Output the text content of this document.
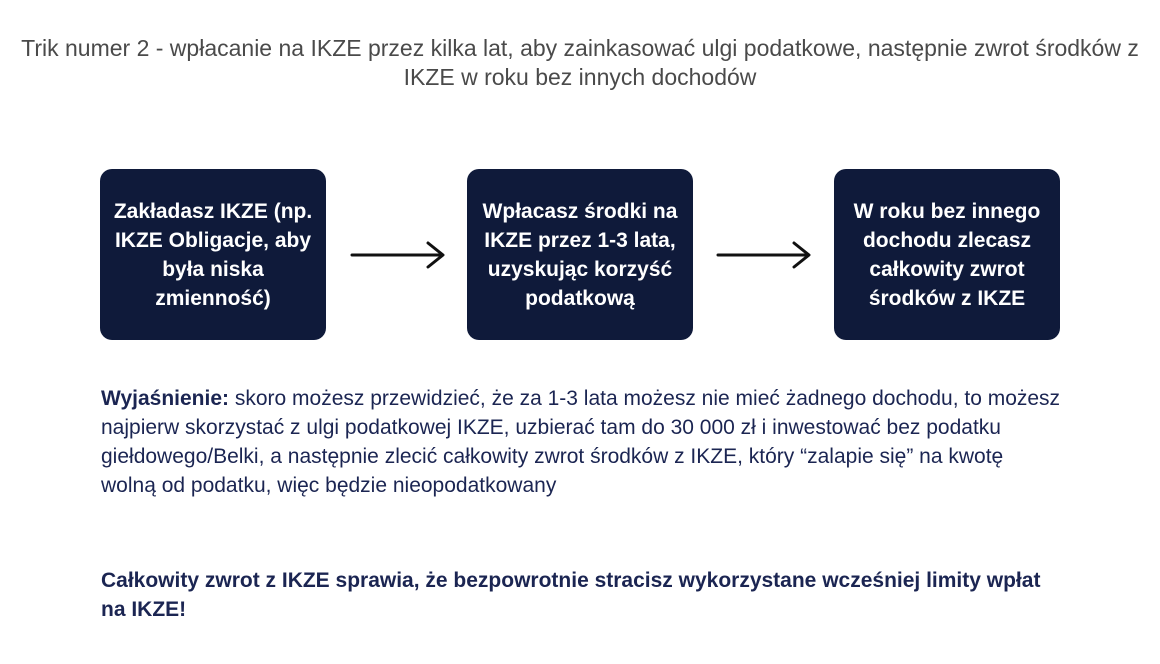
Trik numer 2 - wpłacanie na IKZE przez kilka lat, aby zainkasować ulgi podatkowe, następnie zwrot środków z IKZE w roku bez innych dochodów
Zakładasz IKZE (np. IKZE Obligacje, aby była niska zmienność)
Wpłacasz środki na IKZE przez 1-3 lata, uzyskując korzyść podatkową
W roku bez innego dochodu zlecasz całkowity zwrot środków z IKZE

Wyjaśnienie: skoro możesz przewidzieć, że za 1-3 lata możesz nie mieć żadnego dochodu, to możesz najpierw skorzystać z ulgi podatkowej IKZE, uzbierać tam do 30 000 zł i inwestować bez podatku giełdowego/Belki, a następnie zlecić całkowity zwrot środków z IKZE, który “zalapie się” na kwotę wolną od podatku, więc będzie nieopodatkowany

Całkowity zwrot z IKZE sprawia, że bezpowrotnie stracisz wykorzystane wcześniej limity wpłat na IKZE!
